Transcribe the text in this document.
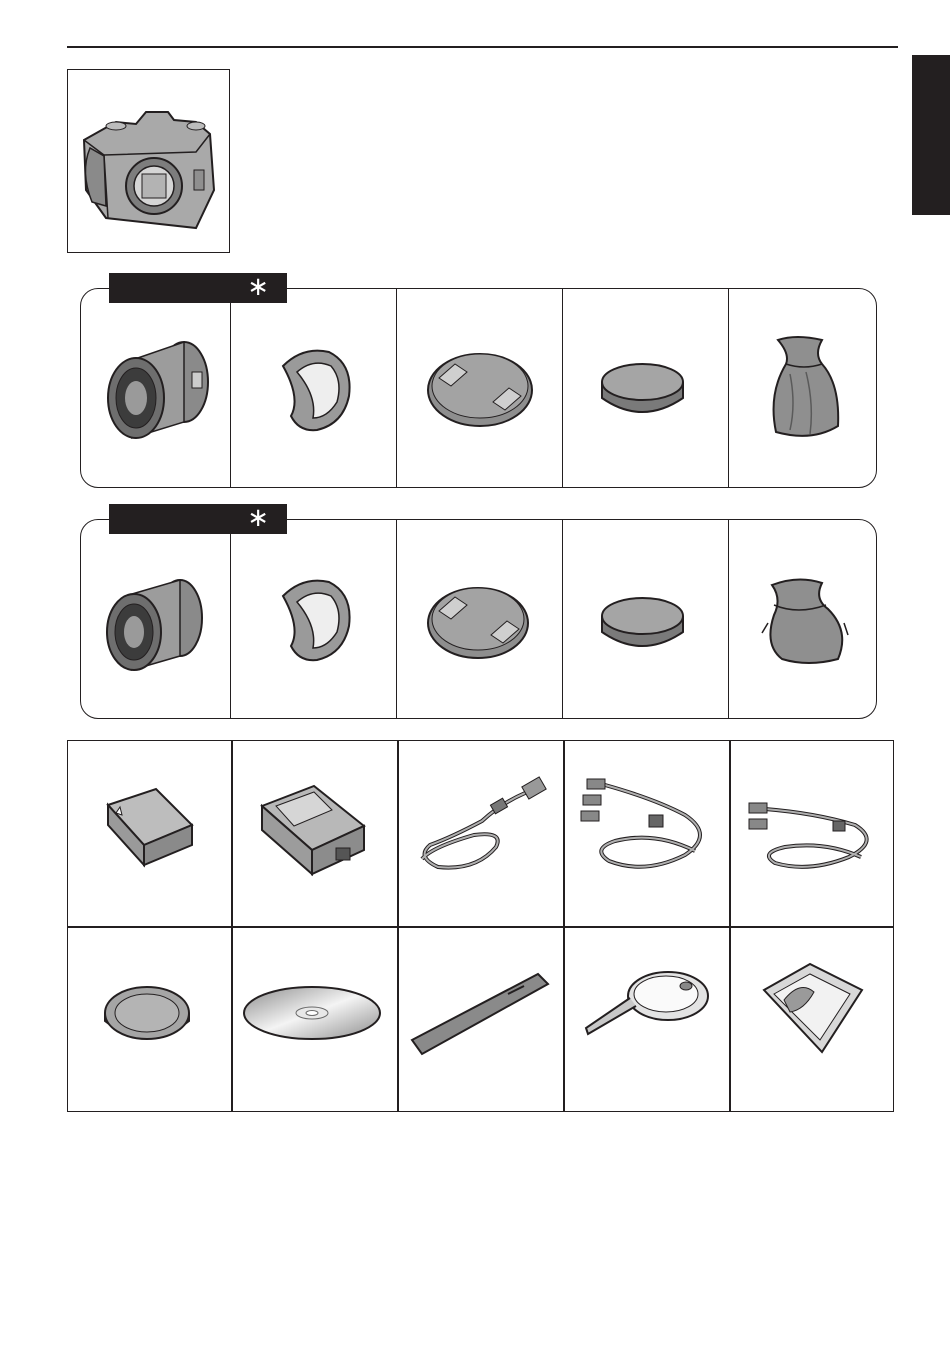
∗
∗
